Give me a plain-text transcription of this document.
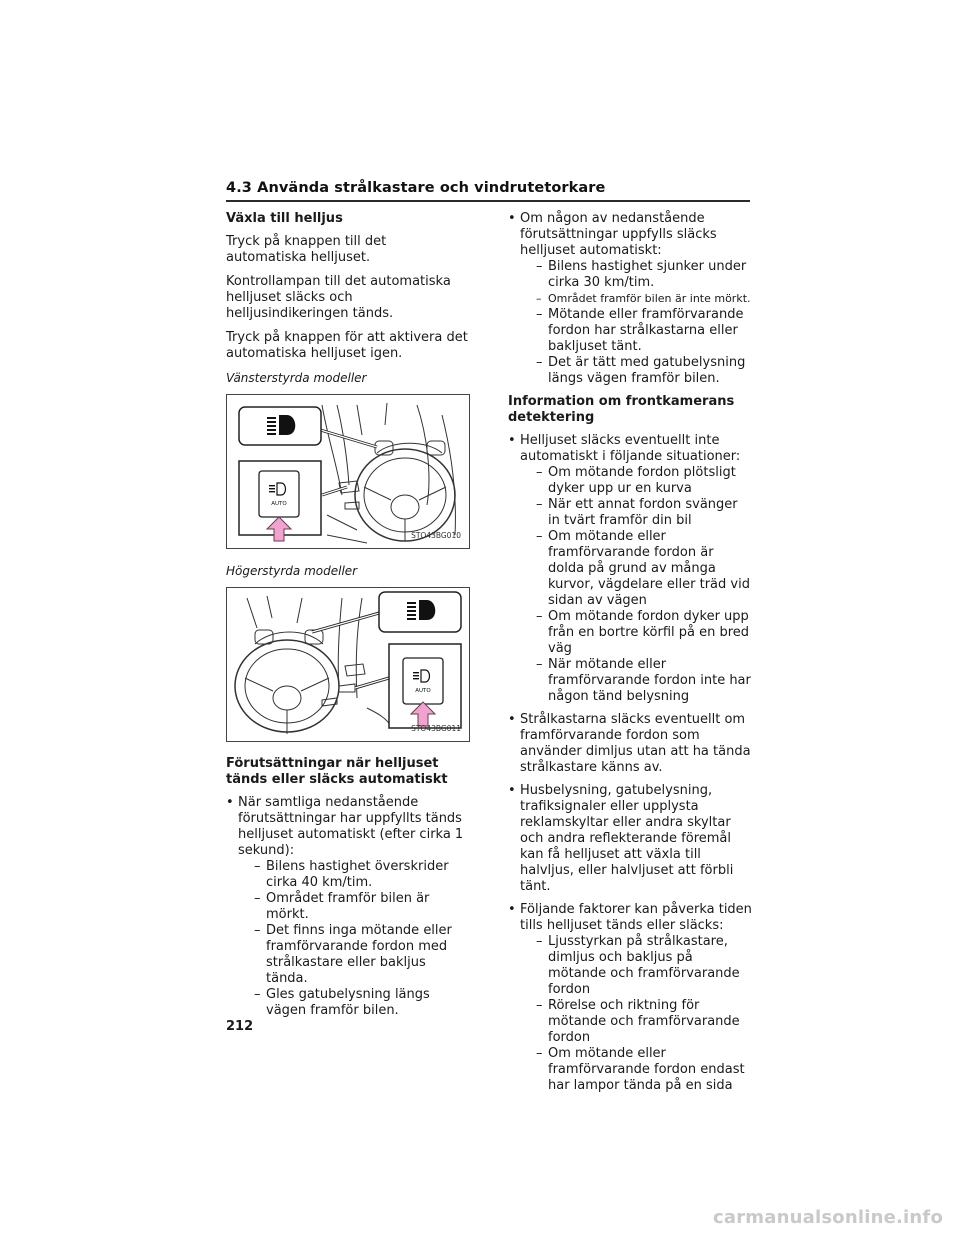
4.3 Använda strålkastare och vindrutetorkare
Växla till helljus
Tryck på knappen till det automatiska helljuset.
Kontrollampan till det automatiska helljuset släcks och helljusindikeringen tänds.
Tryck på knappen för att aktivera det automatiska helljuset igen.
Vänsterstyrda modeller
AUTO
STO43BG010
Högerstyrda modeller
AUTO
STO43BG011
Förutsättningar när helljuset tänds eller släcks automatiskt
• När samtliga nedanstående förutsättningar har uppfyllts tänds helljuset automatiskt (efter cirka 1 sekund):
– Bilens hastighet överskrider cirka 40 km/tim.
– Området framför bilen är mörkt.
– Det finns inga mötande eller framförvarande fordon med strålkastare eller bakljus tända.
– Gles gatubelysning längs vägen framför bilen.
• Om någon av nedanstående förutsättningar uppfylls släcks helljuset automatiskt:
– Bilens hastighet sjunker under cirka 30 km/tim.
– Området framför bilen är inte mörkt.
– Mötande eller framförvarande fordon har strålkastarna eller bakljuset tänt.
– Det är tätt med gatubelysning längs vägen framför bilen.
Information om frontkamerans detektering
• Helljuset släcks eventuellt inte automatiskt i följande situationer:
– Om mötande fordon plötsligt dyker upp ur en kurva
– När ett annat fordon svänger in tvärt framför din bil
– Om mötande eller framförvarande fordon är dolda på grund av många kurvor, vägdelare eller träd vid sidan av vägen
– Om mötande fordon dyker upp från en bortre körfil på en bred väg
– När mötande eller framförvarande fordon inte har någon tänd belysning
• Strålkastarna släcks eventuellt om framförvarande fordon som använder dimljus utan att ha tända strålkastare känns av.
• Husbelysning, gatubelysning, trafiksignaler eller upplysta reklamskyltar eller andra skyltar och andra reflekterande föremål kan få helljuset att växla till halvljus, eller halvljuset att förbli tänt.
• Följande faktorer kan påverka tiden tills helljuset tänds eller släcks:
– Ljusstyrkan på strålkastare, dimljus och bakljus på mötande och framförvarande fordon
– Rörelse och riktning för mötande och framförvarande fordon
– Om mötande eller framförvarande fordon endast har lampor tända på en sida
212
carmanualsonline.info
